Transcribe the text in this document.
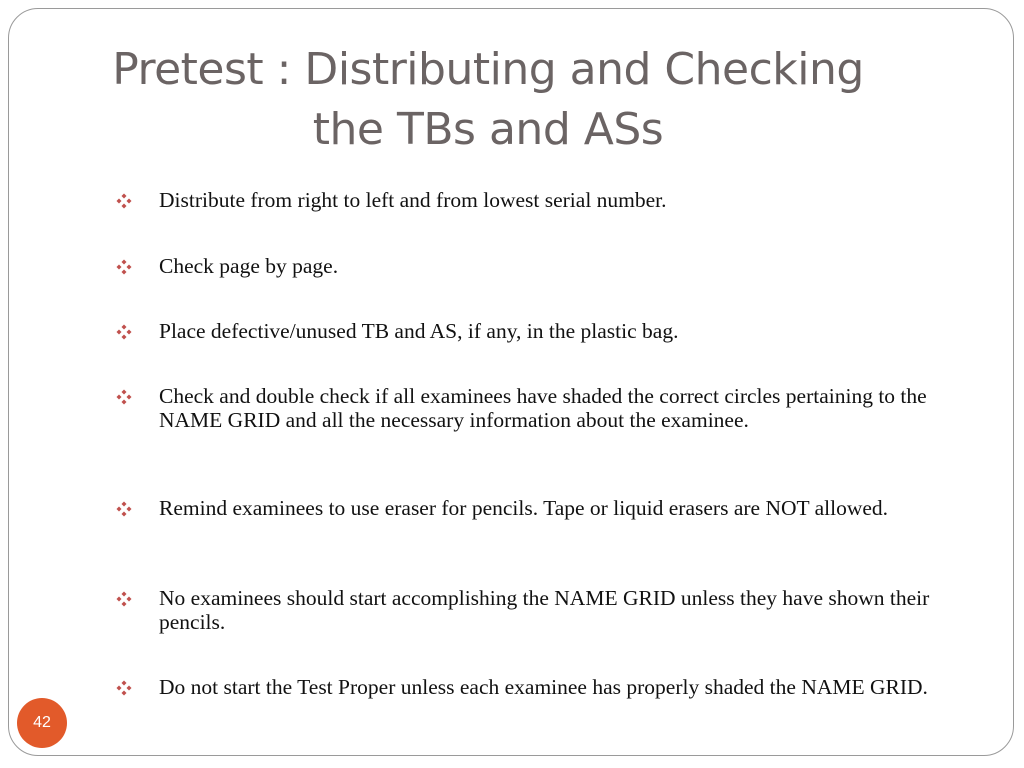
Pretest : Distributing and Checking
the TBs and ASs

Distribute from right to left and from lowest serial number.

Check page by page.

Place defective/unused TB and AS, if any, in the plastic bag.

Check and double check if all examinees have shaded the correct circles pertaining to the NAME GRID and all the necessary information about the examinee.

Remind examinees to use eraser for pencils. Tape or liquid erasers are NOT allowed.

No examinees should start accomplishing the NAME GRID unless they have shown their pencils.

Do not start the Test Proper unless each examinee has properly shaded the NAME GRID.

42
